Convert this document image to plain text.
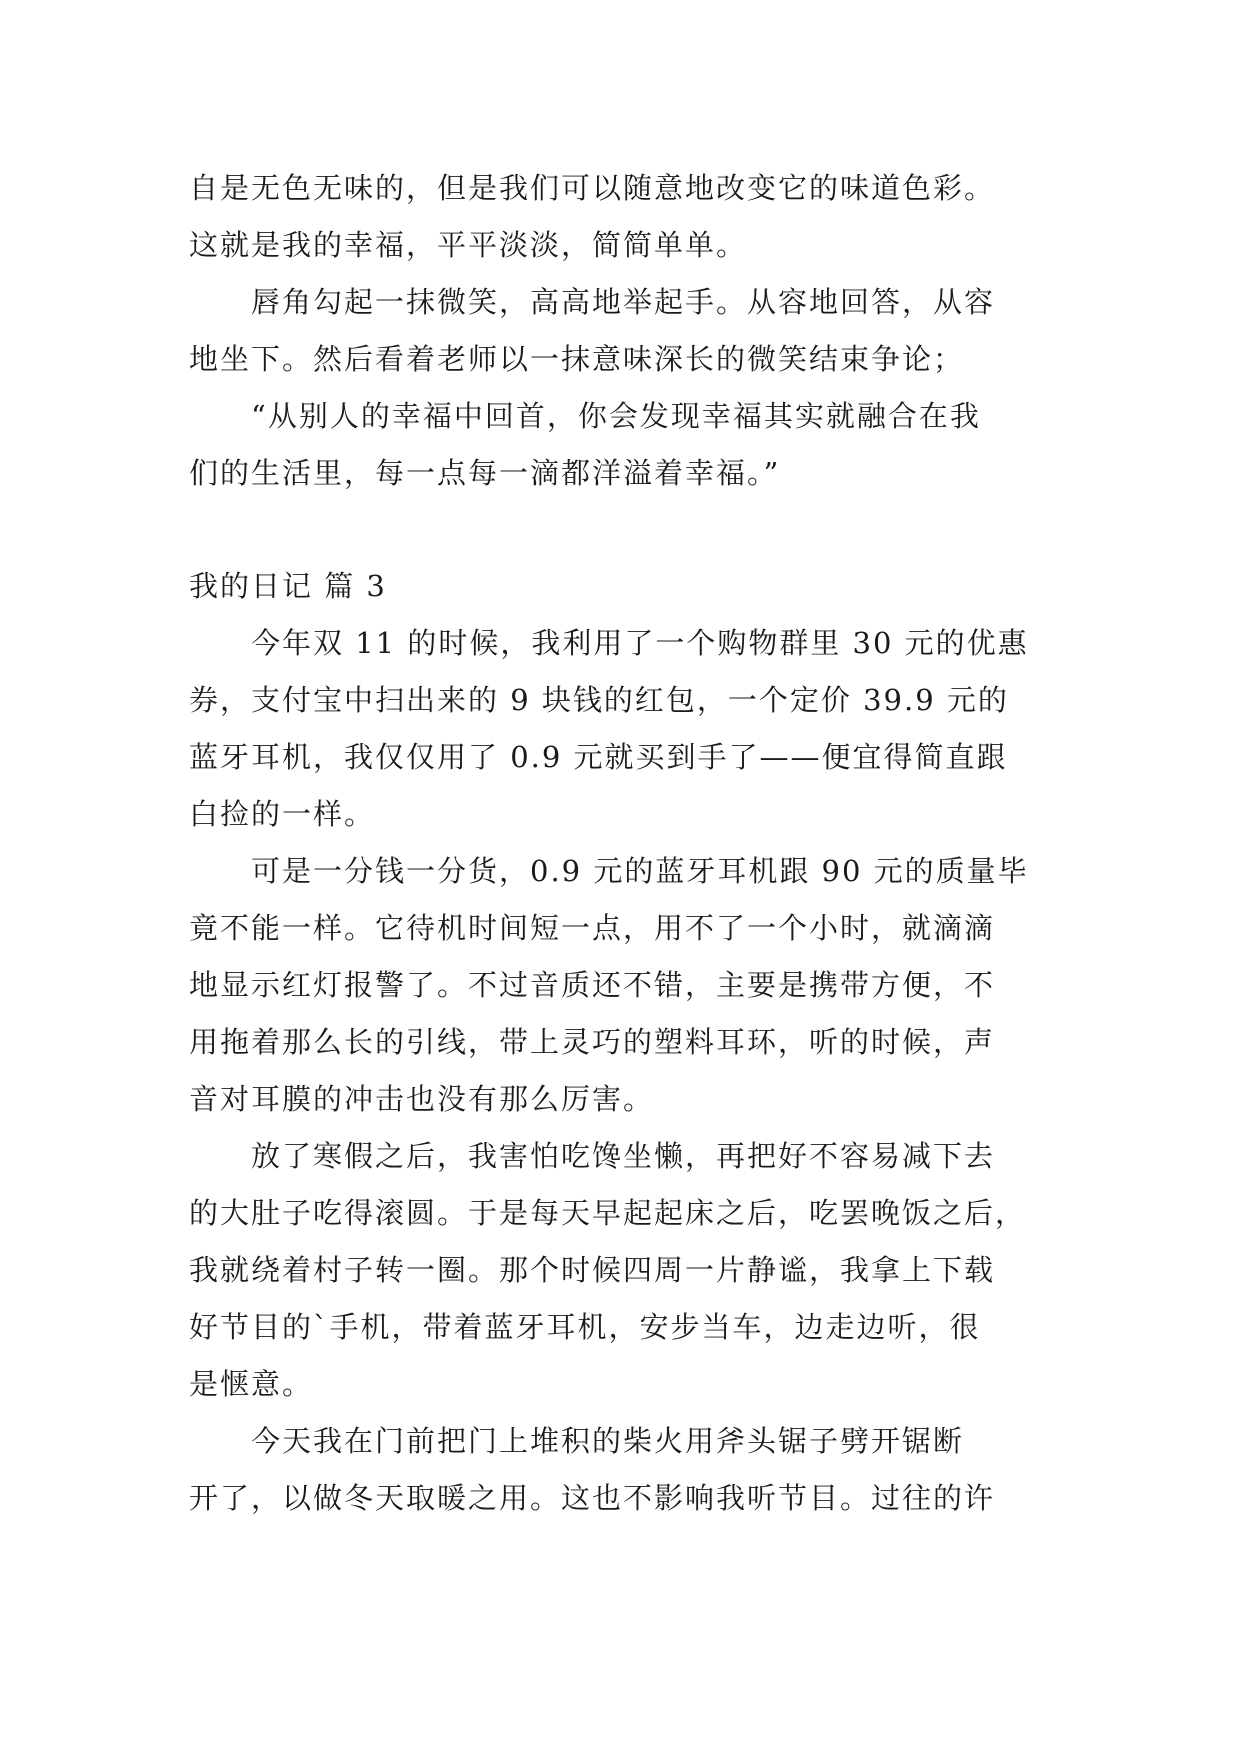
自是无色无味的，但是我们可以随意地改变它的味道色彩。
这就是我的幸福，平平淡淡，简简单单。
唇角勾起一抹微笑，高高地举起手。从容地回答，从容
地坐下。然后看着老师以一抹意味深长的微笑结束争论；
“从别人的幸福中回首，你会发现幸福其实就融合在我
们的生活里，每一点每一滴都洋溢着幸福。”
我的日记 篇 3
今年双 11 的时候，我利用了一个购物群里 30 元的优惠
券，支付宝中扫出来的 9 块钱的红包，一个定价 39.9 元的
蓝牙耳机，我仅仅用了 0.9 元就买到手了——便宜得简直跟
白捡的一样。
可是一分钱一分货，0.9 元的蓝牙耳机跟 90 元的质量毕
竟不能一样。它待机时间短一点，用不了一个小时，就滴滴
地显示红灯报警了。不过音质还不错，主要是携带方便，不
用拖着那么长的引线，带上灵巧的塑料耳环，听的时候，声
音对耳膜的冲击也没有那么厉害。
放了寒假之后，我害怕吃馋坐懒，再把好不容易减下去
的大肚子吃得滚圆。于是每天早起起床之后，吃罢晚饭之后，
我就绕着村子转一圈。那个时候四周一片静谧，我拿上下载
好节目的`手机，带着蓝牙耳机，安步当车，边走边听，很
是惬意。
今天我在门前把门上堆积的柴火用斧头锯子劈开锯断
开了，以做冬天取暖之用。这也不影响我听节目。过往的许
